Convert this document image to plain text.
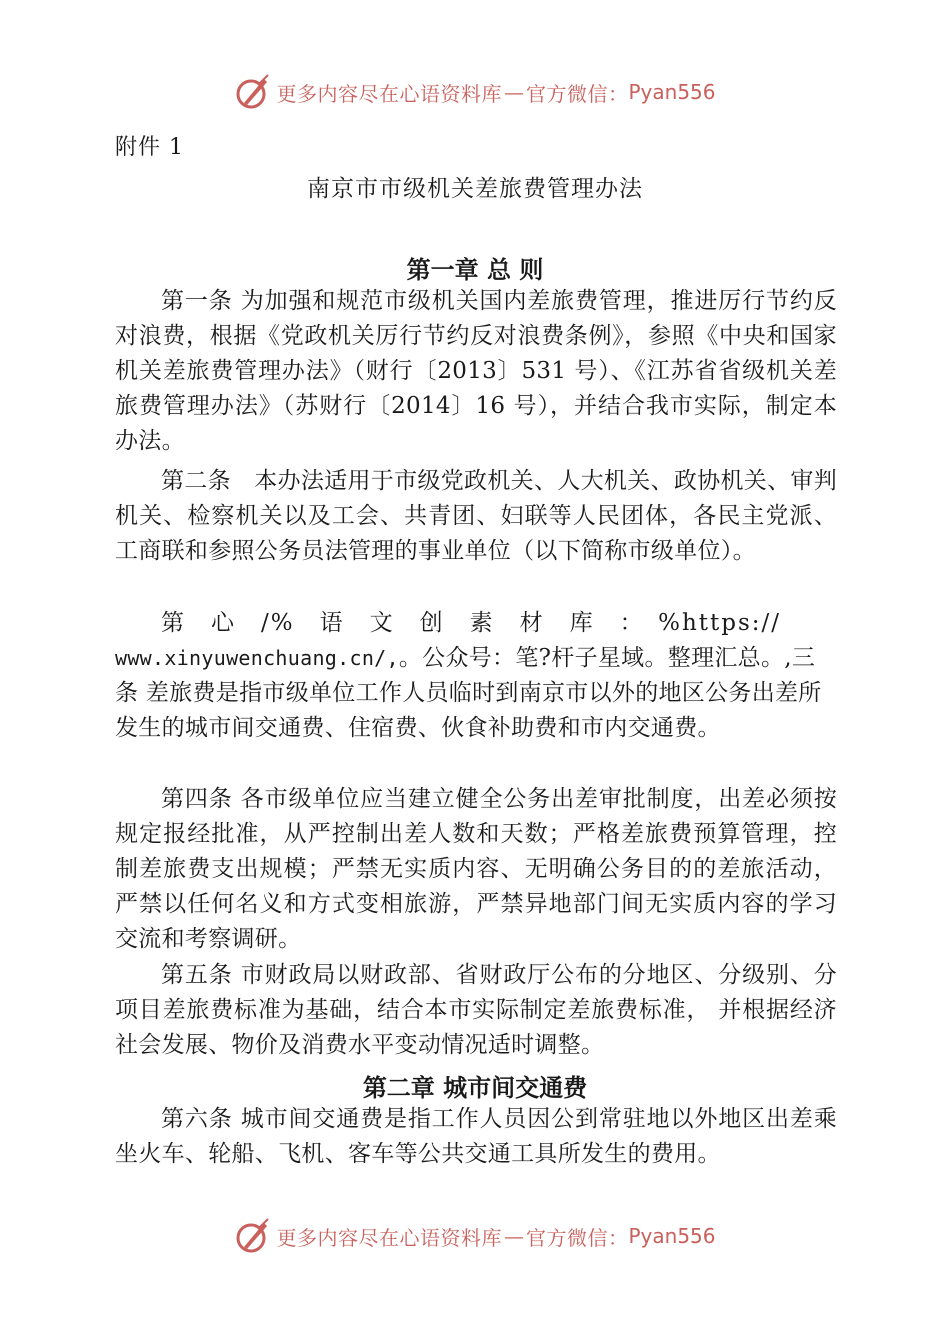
更多内容尽在心语资料库 — 官方微信： Pyan556
附件 1
南京市市级机关差旅费管理办法
第一章 总 则

第一条 为加强和规范市级机关国内差旅费管理，推进厉行节约反对浪费，根据《党政机关厉行节约反对浪费条例》，参照《中央和国家机关差旅费管理办法》（财行〔2013〕531 号）、《江苏省省级机关差旅费管理办法》（苏财行〔2014〕16 号），并结合我市实际，制定本办法。

第二条　本办法适用于市级党政机关、人大机关、政协机关、审判机关、检察机关以及工会、共青团、妇联等人民团体，各民主党派、工商联和参照公务员法管理的事业单位（以下简称市级单位）。

第　心　/%　语　文　创　素　材　库　：　%https://

www.xinyuwenchuang.cn/,。公众号：笔?杆子星域。整理汇总。,三条 差旅费是指市级单位工作人员临时到南京市以外的地区公务出差所发生的城市间交通费、住宿费、伙食补助费和市内交通费。

第四条 各市级单位应当建立健全公务出差审批制度，出差必须按规定报经批准，从严控制出差人数和天数；严格差旅费预算管理，控制差旅费支出规模；严禁无实质内容、无明确公务目的的差旅活动，严禁以任何名义和方式变相旅游，严禁异地部门间无实质内容的学习交流和考察调研。

第五条 市财政局以财政部、省财政厅公布的分地区、分级别、分项目差旅费标准为基础，结合本市实际制定差旅费标准， 并根据经济社会发展、物价及消费水平变动情况适时调整。

第二章 城市间交通费

第六条 城市间交通费是指工作人员因公到常驻地以外地区出差乘坐火车、轮船、飞机、客车等公共交通工具所发生的费用。

更多内容尽在心语资料库 — 官方微信： Pyan556
